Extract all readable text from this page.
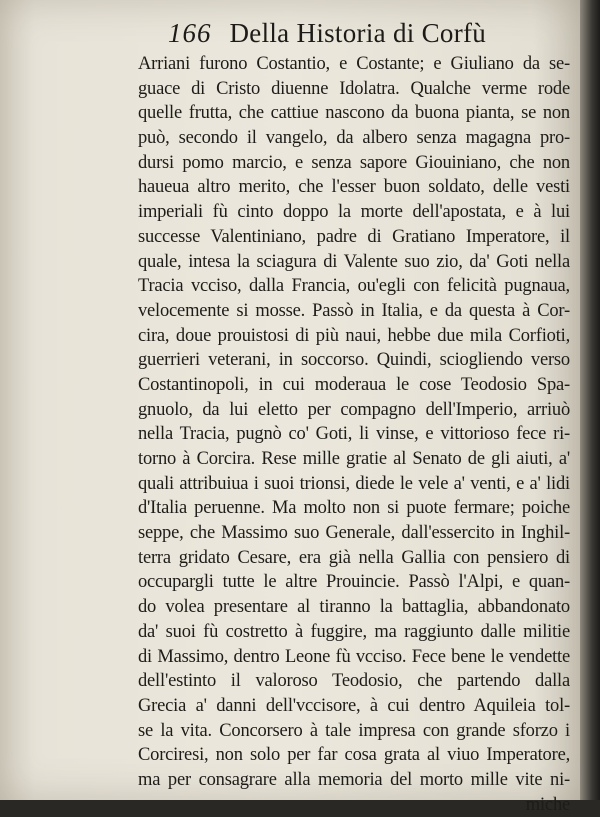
166 Della Historia di Corfù
Arriani furono Costantio, e Costante; e Giuliano da se-
guace di Cristo diuenne Idolatra. Qualche verme rode
quelle frutta, che cattiue nascono da buona pianta, se non
può, secondo il vangelo, da albero senza magagna pro-
dursi pomo marcio, e senza sapore Giouiniano, che non
haueua altro merito, che l'esser buon soldato, delle vesti
imperiali fù cinto doppo la morte dell'apostata, e à lui
successe Valentiniano, padre di Gratiano Imperatore, il
quale, intesa la sciagura di Valente suo zio, da' Goti nella
Tracia vcciso, dalla Francia, ou'egli con felicità pugnaua,
velocemente si mosse. Passò in Italia, e da questa à Cor-
cira, doue prouistosi di più naui, hebbe due mila Corfioti,
guerrieri veterani, in soccorso. Quindi, sciogliendo verso
Costantinopoli, in cui moderaua le cose Teodosio Spa-
gnuolo, da lui eletto per compagno dell'Imperio, arriuò
nella Tracia, pugnò co' Goti, li vinse, e vittorioso fece ri-
torno à Corcira. Rese mille gratie al Senato de gli aiuti, a'
quali attribuiua i suoi trionsi, diede le vele a' venti, e a' lidi
d'Italia peruenne. Ma molto non si puote fermare; poiche
seppe, che Massimo suo Generale, dall'essercito in Inghil-
terra gridato Cesare, era già nella Gallia con pensiero di
occupargli tutte le altre Prouincie. Passò l'Alpi, e quan-
do volea presentare al tiranno la battaglia, abbandonato
da' suoi fù costretto à fuggire, ma raggiunto dalle militie
di Massimo, dentro Leone fù vcciso. Fece bene le vendette
dell'estinto il valoroso Teodosio, che partendo dalla
Grecia a' danni dell'vccisore, à cui dentro Aquileia tol-
se la vita. Concorsero à tale impresa con grande sforzo i
Corciresi, non solo per far cosa grata al viuo Imperatore,
ma per consagrare alla memoria del morto mille vite ni-
miche
